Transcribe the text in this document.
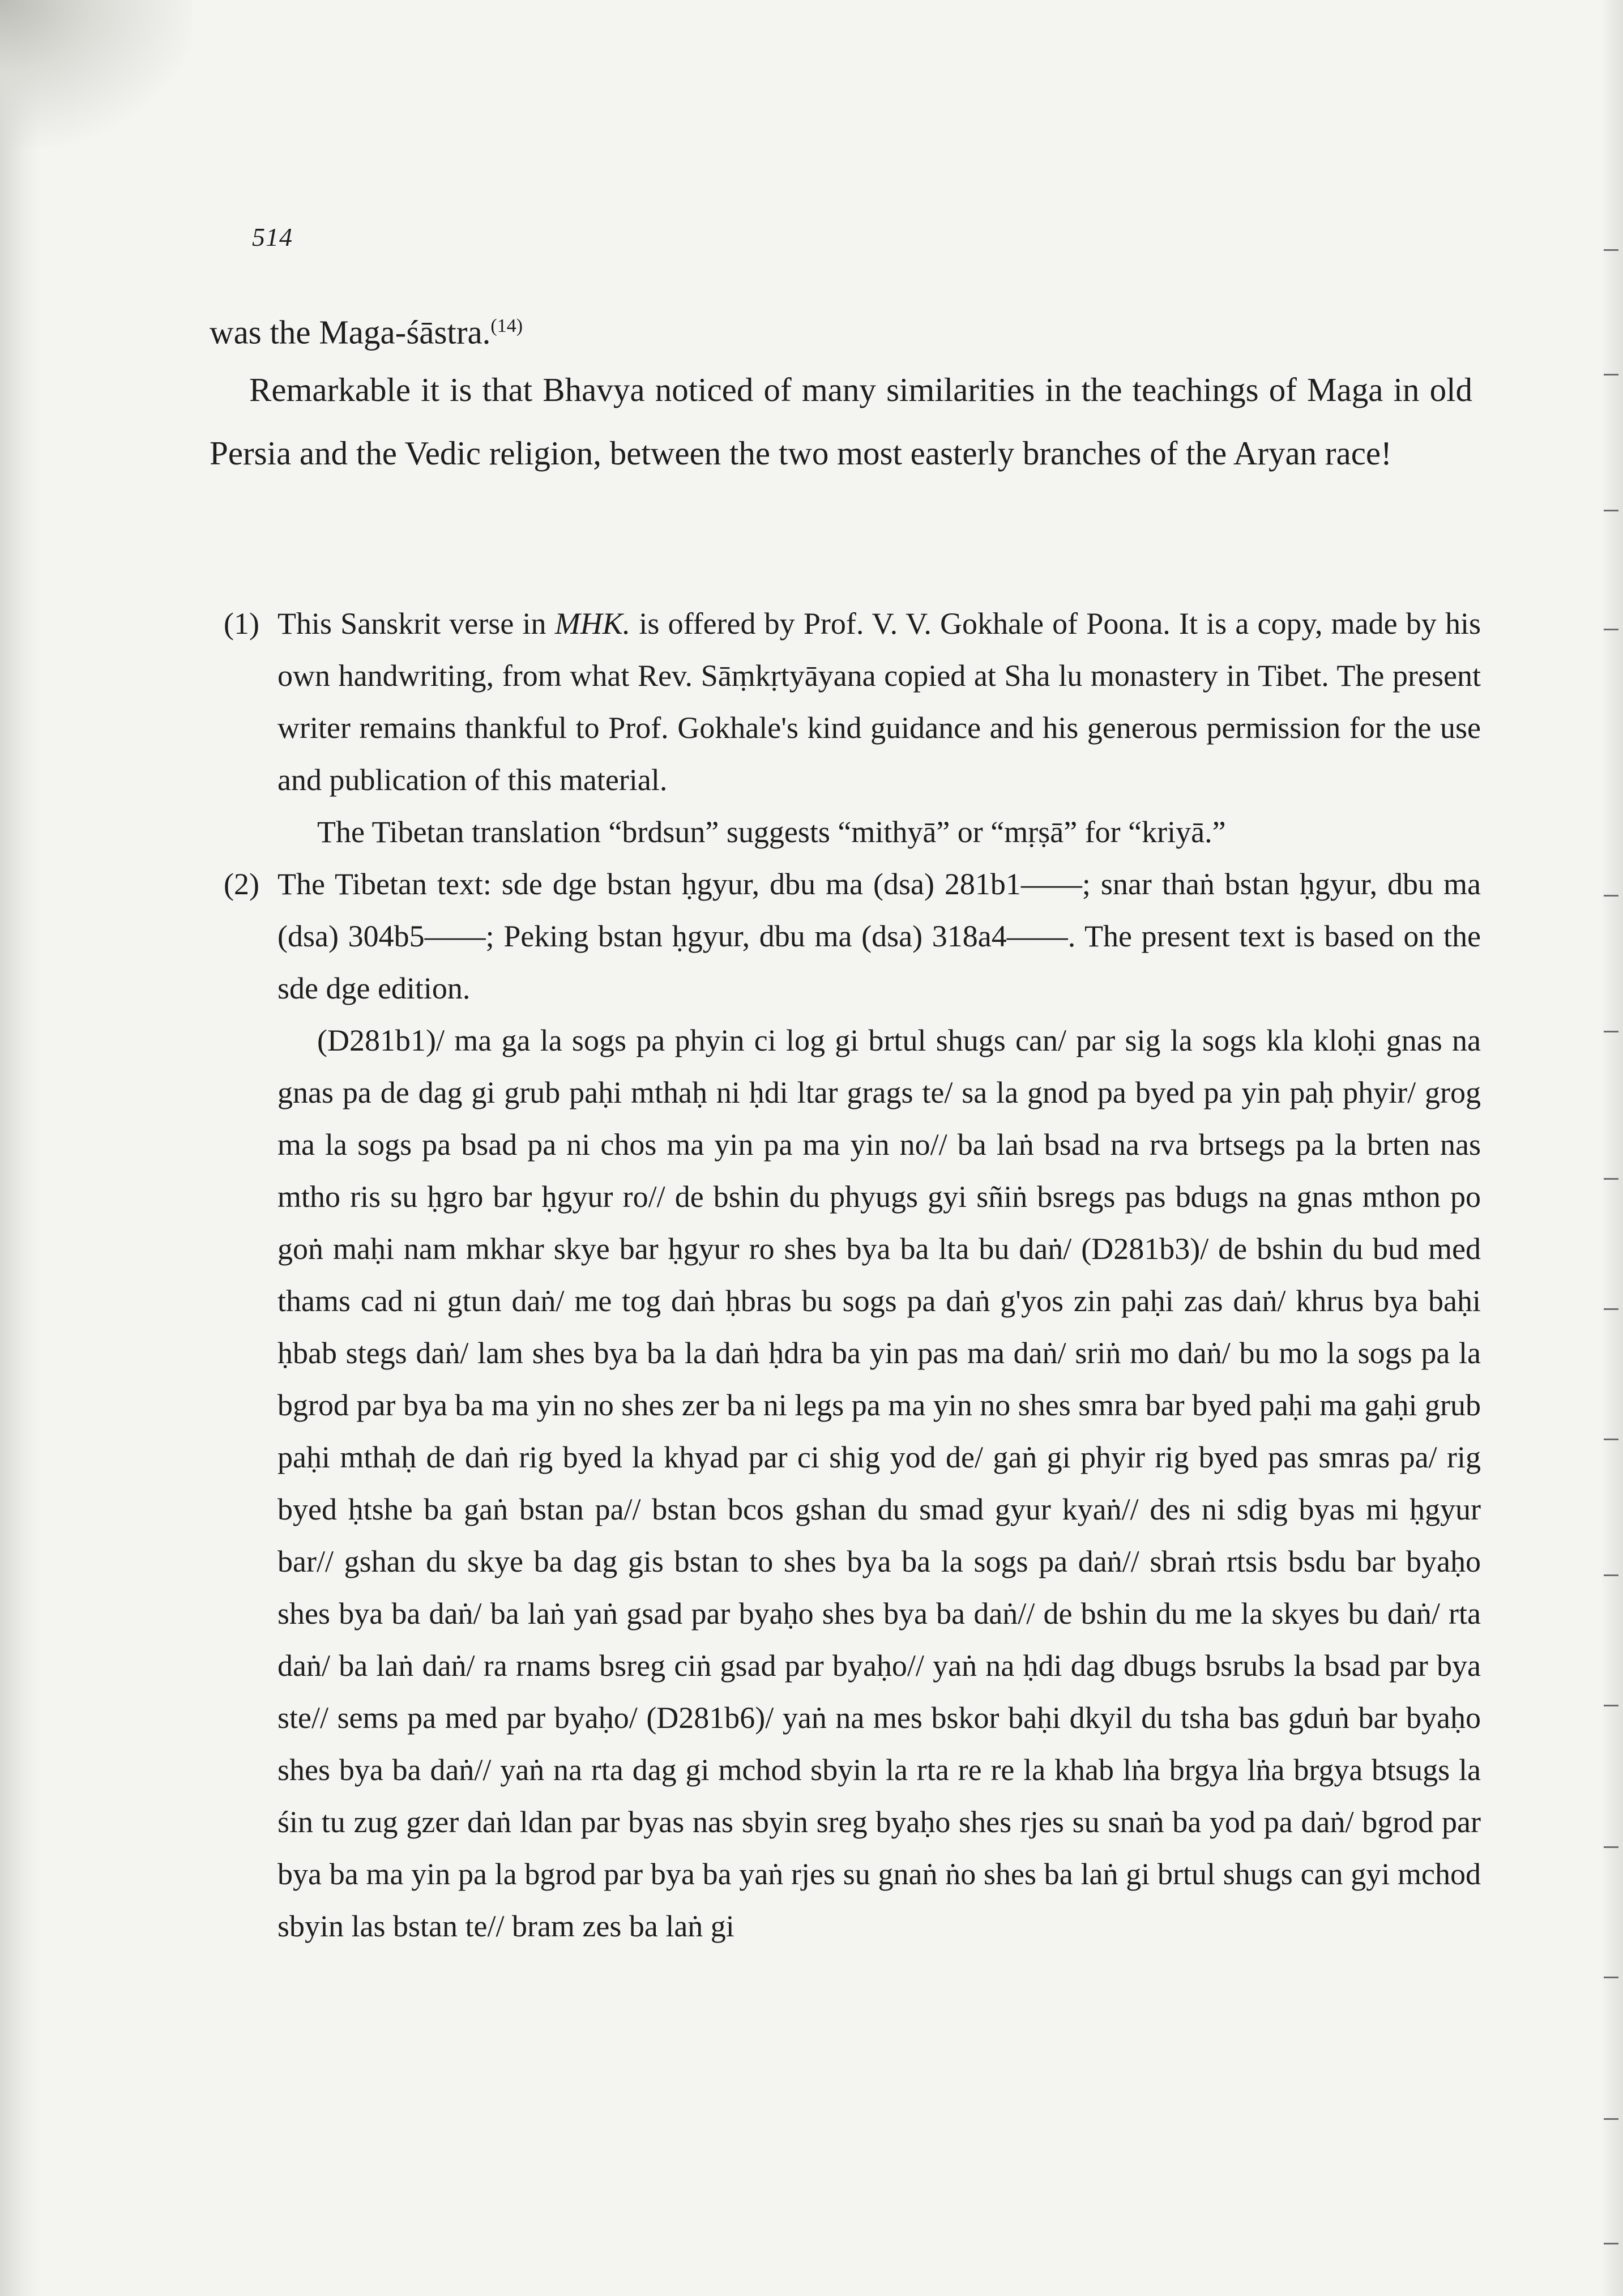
514
was the Maga-śāstra.$^{(14)}$
Remarkable it is that Bhavya noticed of many similarities in the teachings of Maga in old Persia and the Vedic religion, between the two most easterly branches of the Aryan race!
(1) This Sanskrit verse in MHK. is offered by Prof. V. V. Gokhale of Poona. It is a copy, made by his own handwriting, from what Rev. Sāṃkṛtyāyana copied at Sha lu monastery in Tibet. The present writer remains thankful to Prof. Gokhale's kind guidance and his generous permission for the use and publication of this material.
The Tibetan translation “brdsun” suggests “mithyā” or “mṛṣā” for “kriyā.”
(2) The Tibetan text: sde dge bstan ḥgyur, dbu ma (dsa) 281b1——; snar thaṅ bstan ḥgyur, dbu ma (dsa) 304b5——; Peking bstan ḥgyur, dbu ma (dsa) 318a4——. The present text is based on the sde dge edition.
(D281b1)/ ma ga la sogs pa phyin ci log gi brtul shugs can/ par sig la sogs kla kloḥi gnas na gnas pa de dag gi grub paḥi mthaḥ ni ḥdi ltar grags te/ sa la gnod pa byed pa yin paḥ phyir/ grog ma la sogs pa bsad pa ni chos ma yin pa ma yin no// ba laṅ bsad na rva brtsegs pa la brten nas mtho ris su ḥgro bar ḥgyur ro// de bshin du phyugs gyi sñiṅ bsregs pas bdugs na gnas mthon po goṅ maḥi nam mkhar skye bar ḥgyur ro shes bya ba lta bu daṅ/ (D281b3)/ de bshin du bud med thams cad ni gtun daṅ/ me tog daṅ ḥbras bu sogs pa daṅ g'yos zin paḥi zas daṅ/ khrus bya baḥi ḥbab stegs daṅ/ lam shes bya ba la daṅ ḥdra ba yin pas ma daṅ/ sriṅ mo daṅ/ bu mo la sogs pa la bgrod par bya ba ma yin no shes zer ba ni legs pa ma yin no shes smra bar byed paḥi ma gaḥi grub paḥi mthaḥ de daṅ rig byed la khyad par ci shig yod de/ gaṅ gi phyir rig byed pas smras pa/ rig byed ḥtshe ba gaṅ bstan pa// bstan bcos gshan du smad gyur kyaṅ// des ni sdig byas mi ḥgyur bar// gshan du skye ba dag gis bstan to shes bya ba la sogs pa daṅ// sbraṅ rtsis bsdu bar byaḥo shes bya ba daṅ/ ba laṅ yaṅ gsad par byaḥo shes bya ba daṅ// de bshin du me la skyes bu daṅ/ rta daṅ/ ba laṅ daṅ/ ra rnams bsreg ciṅ gsad par byaḥo// yaṅ na ḥdi dag dbugs bsrubs la bsad par bya ste// sems pa med par byaḥo/ (D281b6)/ yaṅ na mes bskor baḥi dkyil du tsha bas gduṅ bar byaḥo shes bya ba daṅ// yaṅ na rta dag gi mchod sbyin la rta re re la khab lṅa brgya lṅa brgya btsugs la śin tu zug gzer daṅ ldan par byas nas sbyin sreg byaḥo shes rjes su snaṅ ba yod pa daṅ/ bgrod par bya ba ma yin pa la bgrod par bya ba yaṅ rjes su gnaṅ ṅo shes ba laṅ gi brtul shugs can gyi mchod sbyin las bstan te// bram zes ba laṅ gi
